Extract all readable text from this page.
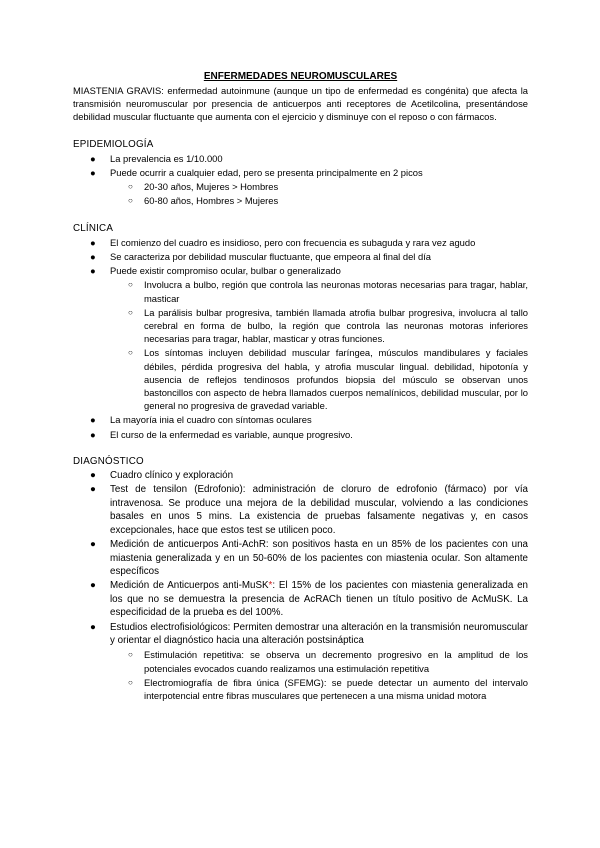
ENFERMEDADES NEUROMUSCULARES

MIASTENIA GRAVIS: enfermedad autoinmune (aunque un tipo de enfermedad es congénita) que afecta la transmisión neuromuscular por presencia de anticuerpos anti receptores de Acetilcolina, presentándose debilidad muscular fluctuante que aumenta con el ejercicio y disminuye con el reposo o con fármacos.

EPIDEMIOLOGÍA

● La prevalencia es 1/10.000
● Puede ocurrir a cualquier edad, pero se presenta principalmente en 2 picos
○ 20-30 años, Mujeres > Hombres
○ 60-80 años, Hombres > Mujeres

CLÍNICA

● El comienzo del cuadro es insidioso, pero con frecuencia es subaguda y rara vez agudo
● Se caracteriza por debilidad muscular fluctuante, que empeora al final del día
● Puede existir compromiso ocular, bulbar o generalizado
○ Involucra a bulbo, región que controla las neuronas motoras necesarias para tragar, hablar, masticar
○ La parálisis bulbar progresiva, también llamada atrofia bulbar progresiva, involucra al tallo cerebral en forma de bulbo, la región que controla las neuronas motoras inferiores necesarias para tragar, hablar, masticar y otras funciones.
○ Los síntomas incluyen debilidad muscular faríngea, músculos mandibulares y faciales débiles, pérdida progresiva del habla, y atrofia muscular lingual. debilidad, hipotonía y ausencia de reflejos tendinosos profundos biopsia del músculo se observan unos bastoncillos con aspecto de hebra llamados cuerpos nemalínicos, debilidad muscular, por lo general no progresiva de gravedad variable.
● La mayoría inia el cuadro con síntomas oculares
● El curso de la enfermedad es variable, aunque progresivo.

DIAGNÓSTICO

● Cuadro clínico y exploración
● Test de tensilon (Edrofonio): administración de cloruro de edrofonio (fármaco) por vía intravenosa. Se produce una mejora de la debilidad muscular, volviendo a las condiciones basales en unos 5 mins. La existencia de pruebas falsamente negativas y, en casos excepcionales, hace que estos test se utilicen poco.
● Medición de anticuerpos Anti-AchR: son positivos hasta en un 85% de los pacientes con una miastenia generalizada y en un 50-60% de los pacientes con miastenia ocular. Son altamente específicos
● Medición de Anticuerpos anti-MuSK*: El 15% de los pacientes con miastenia generalizada en los que no se demuestra la presencia de AcRACh tienen un título positivo de AcMuSK. La especificidad de la prueba es del 100%.
● Estudios electrofisiológicos: Permiten demostrar una alteración en la transmisión neuromuscular y orientar el diagnóstico hacia una alteración postsináptica
○ Estimulación repetitiva: se observa un decremento progresivo en la amplitud de los potenciales evocados cuando realizamos una estimulación repetitiva
○ Electromiografía de fibra única (SFEMG): se puede detectar un aumento del intervalo interpotencial entre fibras musculares que pertenecen a una misma unidad motora
